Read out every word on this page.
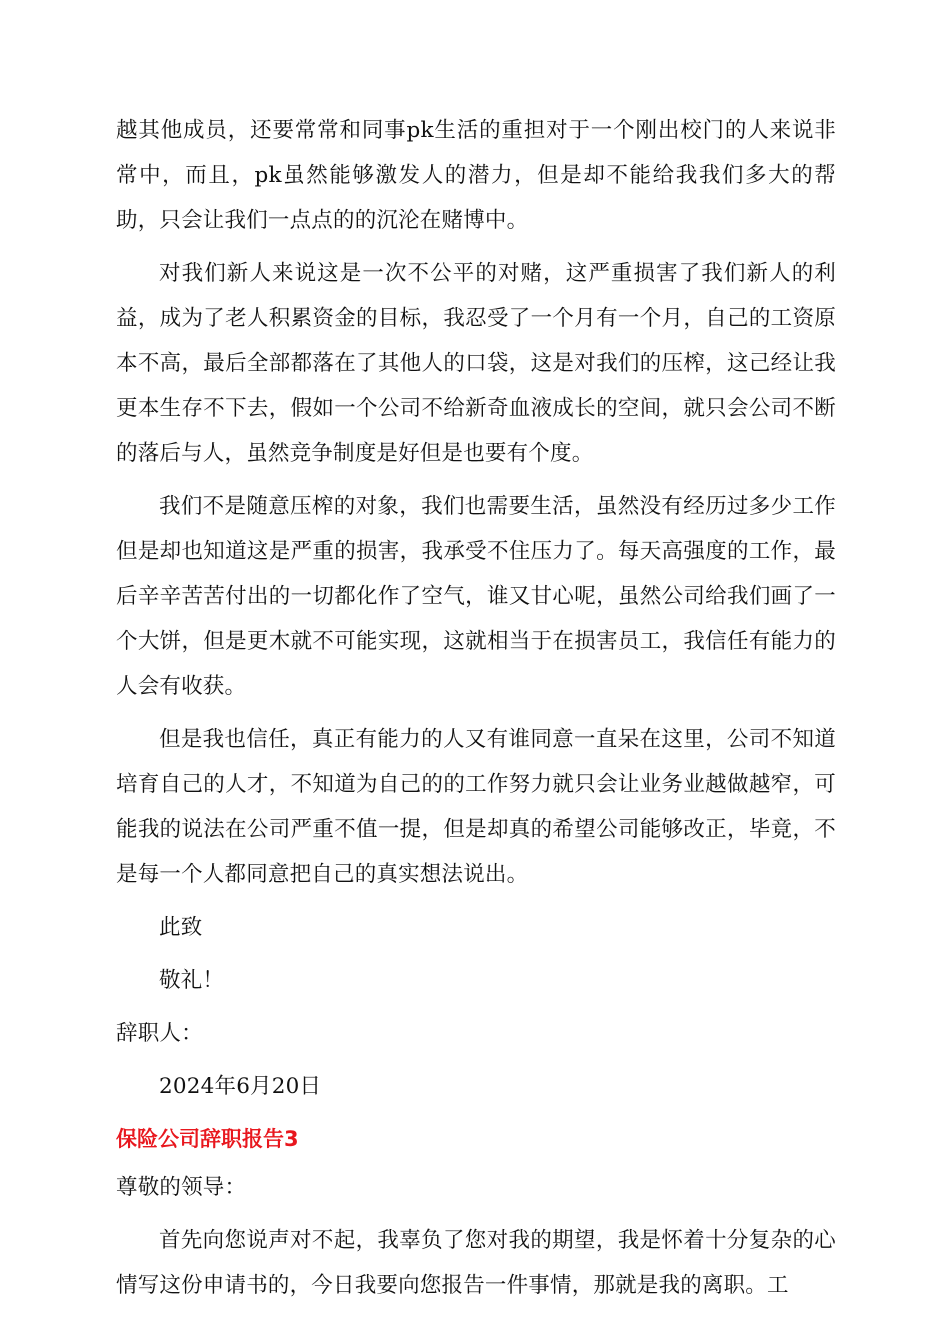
越其他成员，还要常常和同事pk生活的重担对于一个刚出校门的人来说非常中，而且，pk虽然能够激发人的潜力，但是却不能给我我们多大的帮助，只会让我们一点点的的沉沦在赌博中。

对我们新人来说这是一次不公平的对赌，这严重损害了我们新人的利益，成为了老人积累资金的目标，我忍受了一个月有一个月，自己的工资原本不高，最后全部都落在了其他人的口袋，这是对我们的压榨，这己经让我更本生存不下去，假如一个公司不给新奇血液成长的空间，就只会公司不断的落后与人，虽然竞争制度是好但是也要有个度。

我们不是随意压榨的对象，我们也需要生活，虽然没有经历过多少工作但是却也知道这是严重的损害，我承受不住压力了。每天高强度的工作，最后辛辛苦苦付出的一切都化作了空气，谁又甘心呢，虽然公司给我们画了一个大饼，但是更木就不可能实现，这就相当于在损害员工，我信任有能力的人会有收获。

但是我也信任，真正有能力的人又有谁同意一直呆在这里，公司不知道培育自己的人才，不知道为自己的的工作努力就只会让业务业越做越窄，可能我的说法在公司严重不值一提，但是却真的希望公司能够改正，毕竟，不是每一个人都同意把自己的真实想法说出。

此致

敬礼！

辞职人：

2024年6月20日

保险公司辞职报告3

尊敬的领导：

首先向您说声对不起，我辜负了您对我的期望，我是怀着十分复杂的心情写这份申请书的，今日我要向您报告一件事情，那就是我的离职。工
